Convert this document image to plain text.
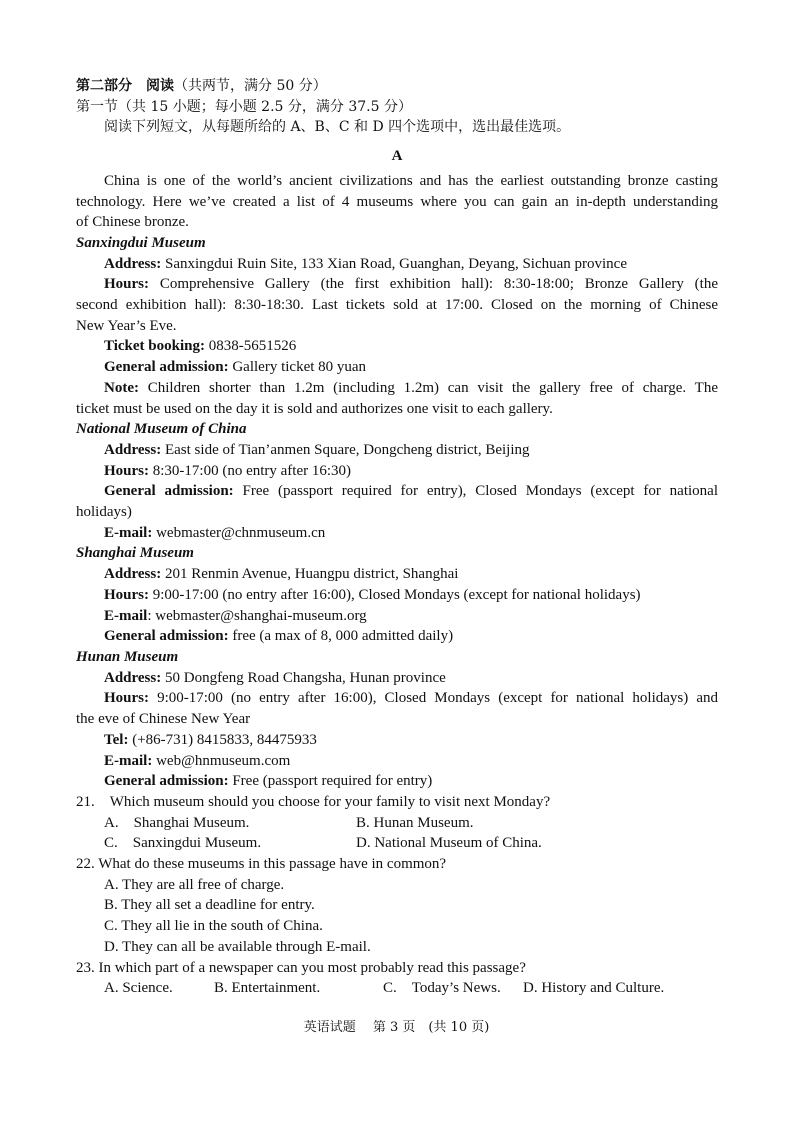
第二部分　阅读（共两节，满分 50 分）
第一节（共 15 小题；每小题 2.5 分，满分 37.5 分）
阅读下列短文，从每题所给的 A、B、C 和 D 四个选项中，选出最佳选项。
A
China is one of the world’s ancient civilizations and has the earliest outstanding bronze casting
technology. Here we’ve created a list of 4 museums where you can gain an in-depth understanding
of Chinese bronze.
Sanxingdui Museum
Address: Sanxingdui Ruin Site, 133 Xian Road, Guanghan, Deyang, Sichuan province
Hours: Comprehensive Gallery (the first exhibition hall): 8:30-18:00; Bronze Gallery (the
second exhibition hall): 8:30-18:30. Last tickets sold at 17:00. Closed on the morning of Chinese
New Year’s Eve.
Ticket booking: 0838-5651526
General admission: Gallery ticket 80 yuan
Note: Children shorter than 1.2m (including 1.2m) can visit the gallery free of charge. The
ticket must be used on the day it is sold and authorizes one visit to each gallery.
National Museum of China
Address: East side of Tian’anmen Square, Dongcheng district, Beijing
Hours: 8:30-17:00 (no entry after 16:30)
General admission: Free (passport required for entry), Closed Mondays (except for national
holidays)
E-mail: webmaster@chnmuseum.cn
Shanghai Museum
Address: 201 Renmin Avenue, Huangpu district, Shanghai
Hours: 9:00-17:00 (no entry after 16:00), Closed Mondays (except for national holidays)
E-mail: webmaster@shanghai-museum.org
General admission: free (a max of 8, 000 admitted daily)
Hunan Museum
Address: 50 Dongfeng Road Changsha, Hunan province
Hours: 9:00-17:00 (no entry after 16:00), Closed Mondays (except for national holidays) and
the eve of Chinese New Year
Tel: (+86-731) 8415833, 84475933
E-mail: web@hnmuseum.com
General admission: Free (passport required for entry)
21.　Which museum should you choose for your family to visit next Monday?
A.　Shanghai Museum.	B. Hunan Museum.
C.　Sanxingdui Museum.	D. National Museum of China.
22. What do these museums in this passage have in common?
A. They are all free of charge.
B. They all set a deadline for entry.
C. They all lie in the south of China.
D. They can all be available through E-mail.
23. In which part of a newspaper can you most probably read this passage?
A. Science.	B. Entertainment.	C.　Today’s News.	D. History and Culture.
英语试题　 第 3 页　(共 10 页)
